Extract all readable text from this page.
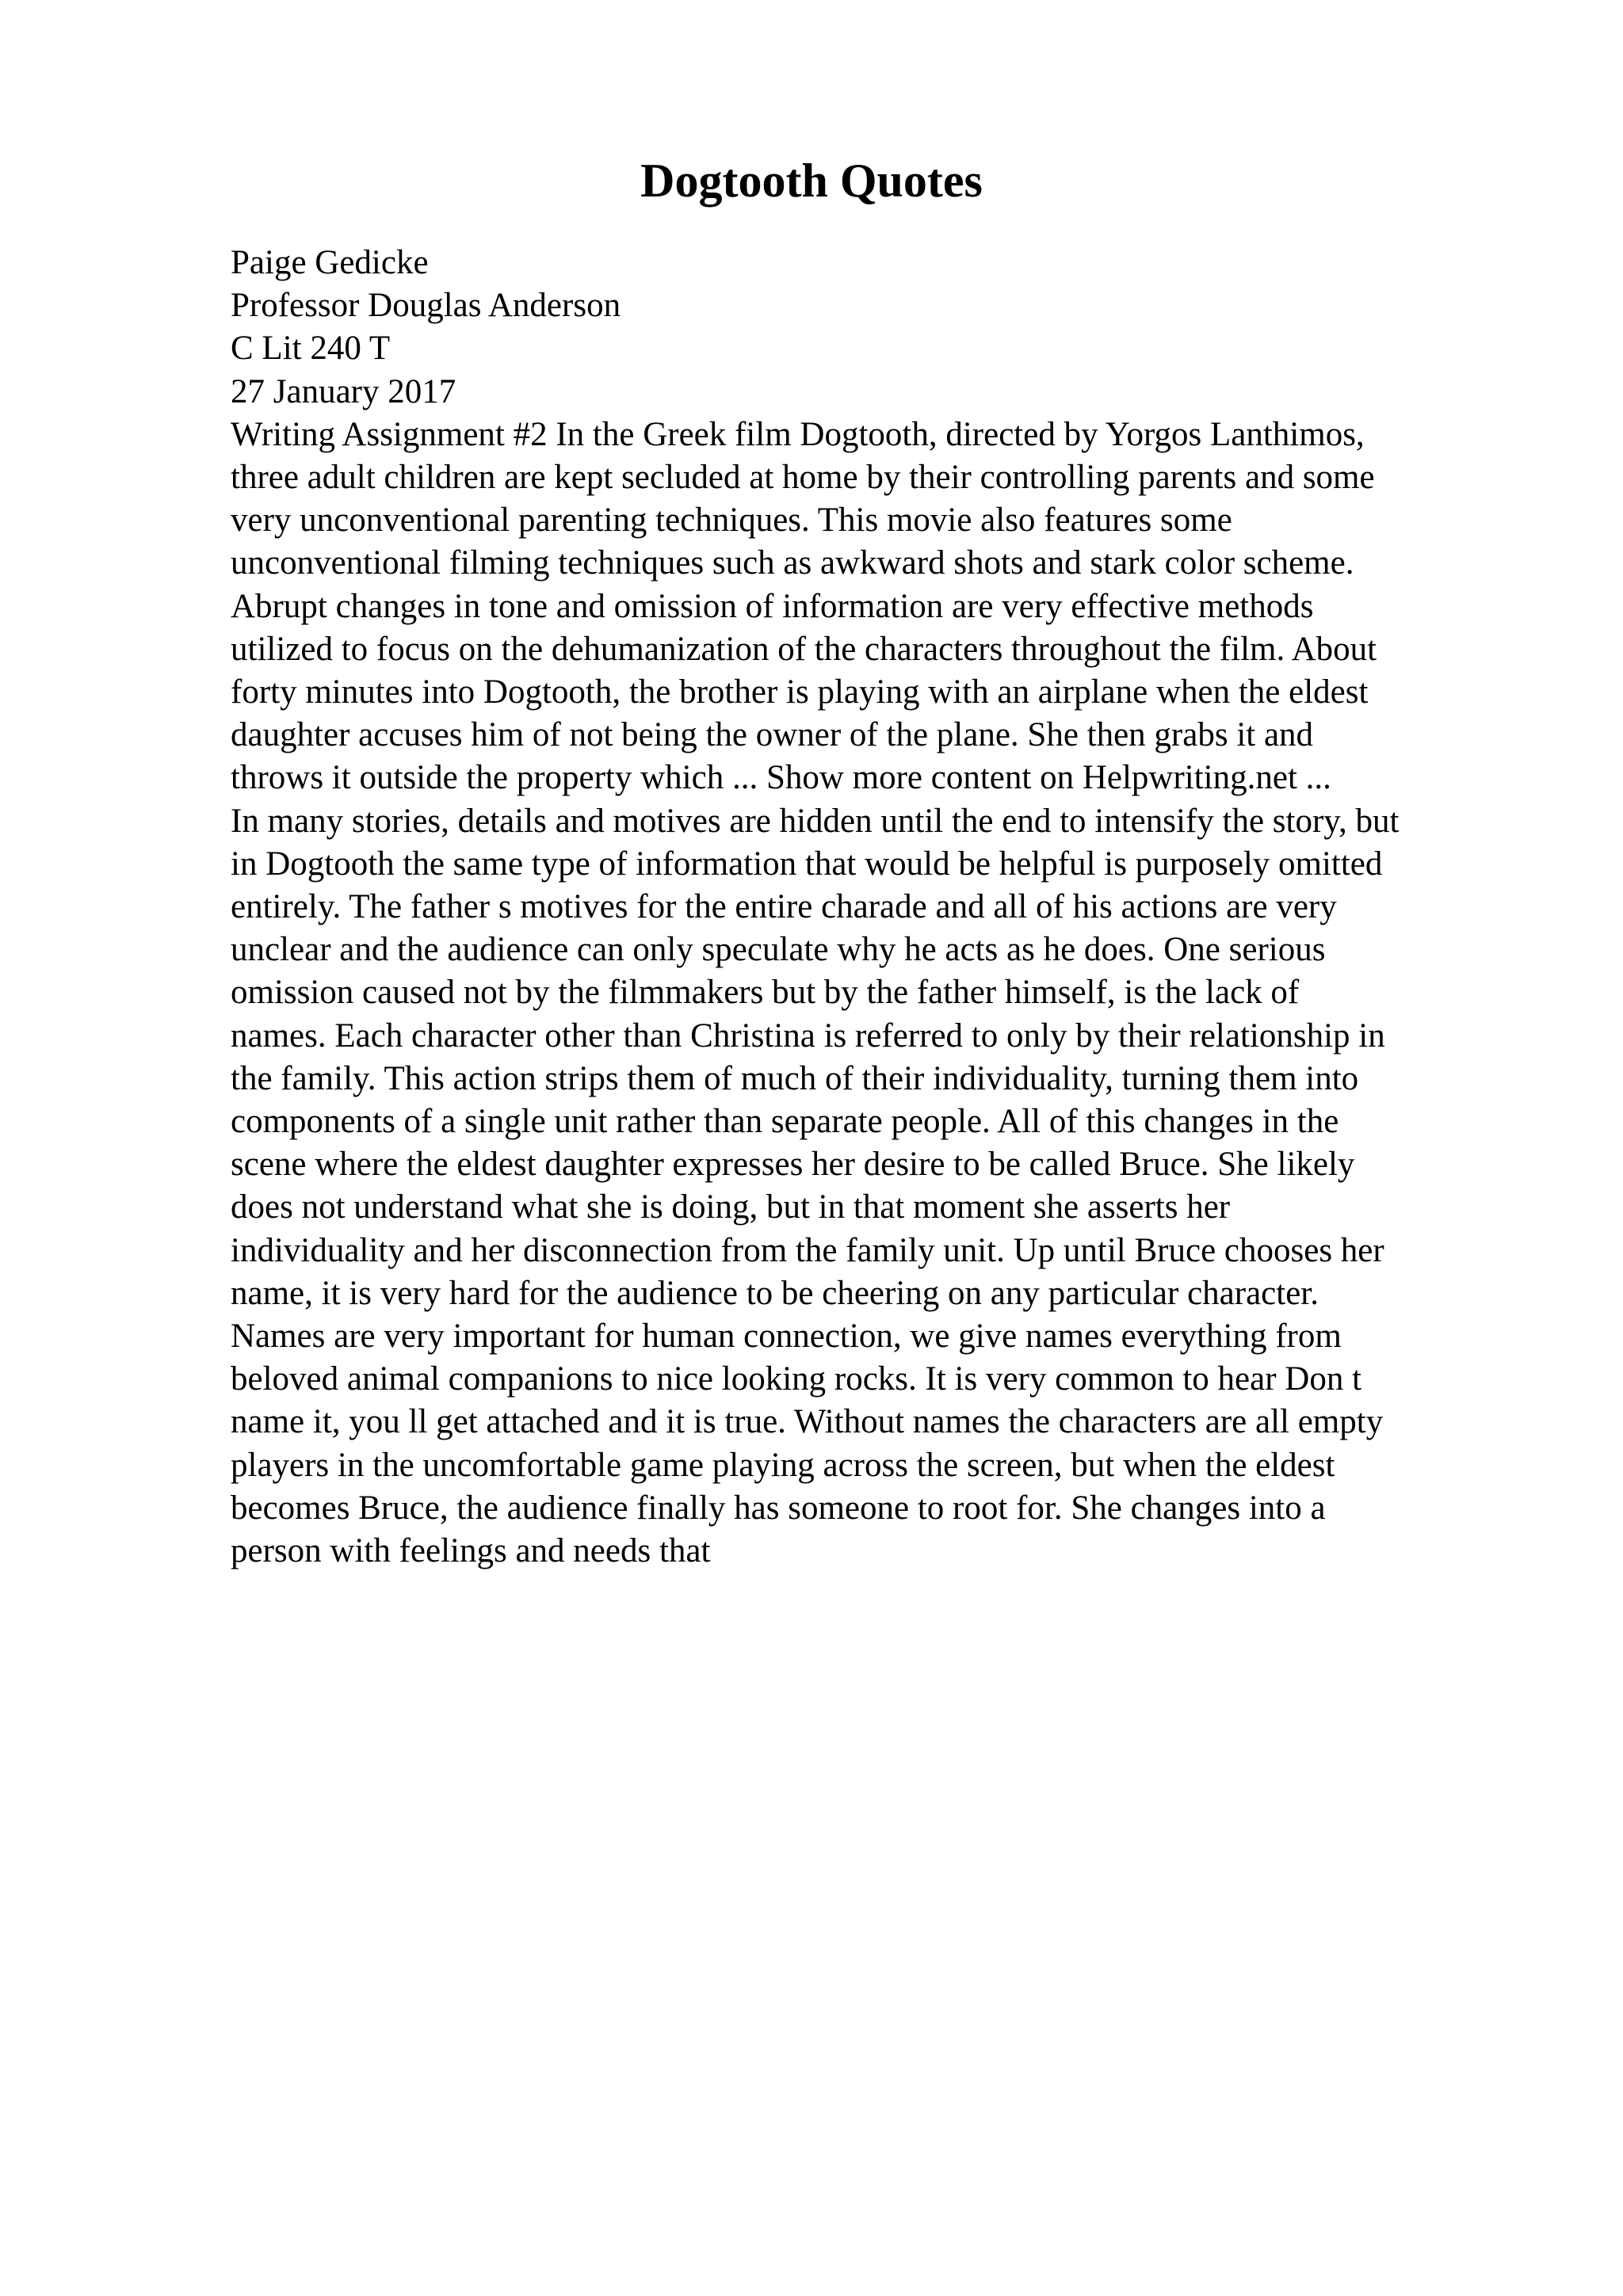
Dogtooth Quotes
Paige Gedicke
Professor Douglas Anderson
C Lit 240 T
27 January 2017
Writing Assignment #2 In the Greek film Dogtooth, directed by Yorgos Lanthimos,
three adult children are kept secluded at home by their controlling parents and some
very unconventional parenting techniques. This movie also features some
unconventional filming techniques such as awkward shots and stark color scheme.
Abrupt changes in tone and omission of information are very effective methods
utilized to focus on the dehumanization of the characters throughout the film. About
forty minutes into Dogtooth, the brother is playing with an airplane when the eldest
daughter accuses him of not being the owner of the plane. She then grabs it and
throws it outside the property which ... Show more content on Helpwriting.net ...
In many stories, details and motives are hidden until the end to intensify the story, but
in Dogtooth the same type of information that would be helpful is purposely omitted
entirely. The father s motives for the entire charade and all of his actions are very
unclear and the audience can only speculate why he acts as he does. One serious
omission caused not by the filmmakers but by the father himself, is the lack of
names. Each character other than Christina is referred to only by their relationship in
the family. This action strips them of much of their individuality, turning them into
components of a single unit rather than separate people. All of this changes in the
scene where the eldest daughter expresses her desire to be called Bruce. She likely
does not understand what she is doing, but in that moment she asserts her
individuality and her disconnection from the family unit. Up until Bruce chooses her
name, it is very hard for the audience to be cheering on any particular character.
Names are very important for human connection, we give names everything from
beloved animal companions to nice looking rocks. It is very common to hear Don t
name it, you ll get attached and it is true. Without names the characters are all empty
players in the uncomfortable game playing across the screen, but when the eldest
becomes Bruce, the audience finally has someone to root for. She changes into a
person with feelings and needs that
